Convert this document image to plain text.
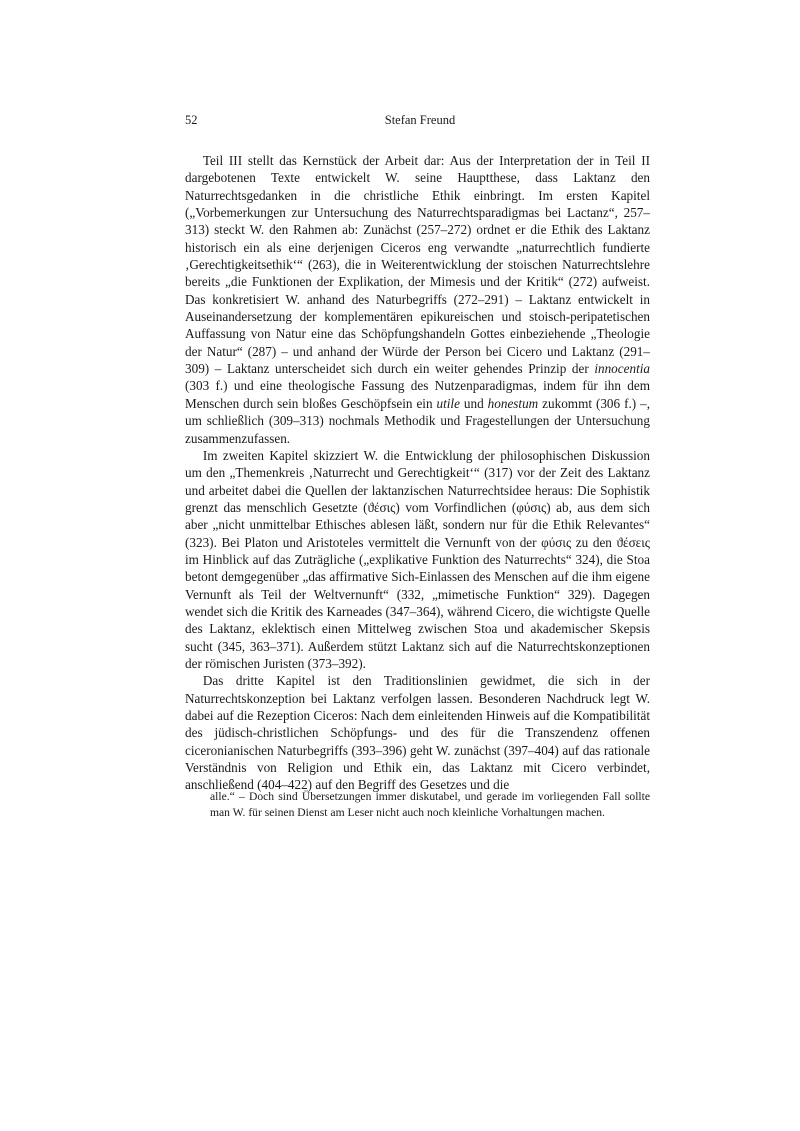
52	Stefan Freund

Teil III stellt das Kernstück der Arbeit dar: Aus der Interpretation der in Teil II dargebotenen Texte entwickelt W. seine Hauptthese, dass Laktanz den Naturrechtsgedanken in die christliche Ethik einbringt. Im ersten Kapitel („Vorbemerkungen zur Untersuchung des Naturrechtsparadigmas bei Lactanz“, 257–313) steckt W. den Rahmen ab: Zunächst (257–272) ordnet er die Ethik des Laktanz historisch ein als eine derjenigen Ciceros eng verwandte „naturrechtlich fundierte ‚Gerechtigkeitsethik‘“ (263), die in Weiterentwicklung der stoischen Naturrechtslehre bereits „die Funktionen der Explikation, der Mimesis und der Kritik“ (272) aufweist. Das konkretisiert W. anhand des Naturbegriffs (272–291) – Laktanz entwickelt in Auseinandersetzung der komplementären epikureischen und stoisch-peripatetischen Auffassung von Natur eine das Schöpfungshandeln Gottes einbeziehende „Theologie der Natur“ (287) – und anhand der Würde der Person bei Cicero und Laktanz (291–309) – Laktanz unterscheidet sich durch ein weiter gehendes Prinzip der innocentia (303 f.) und eine theologische Fassung des Nutzenparadigmas, indem für ihn dem Menschen durch sein bloßes Geschöpfsein ein utile und honestum zukommt (306 f.) –, um schließlich (309–313) nochmals Methodik und Fragestellungen der Untersuchung zusammenzufassen.

Im zweiten Kapitel skizziert W. die Entwicklung der philosophischen Diskussion um den „Themenkreis ‚Naturrecht und Gerechtigkeit‘“ (317) vor der Zeit des Laktanz und arbeitet dabei die Quellen der laktanzischen Naturrechtsidee heraus: Die Sophistik grenzt das menschlich Gesetzte (ϑέσις) vom Vorfindlichen (φύσις) ab, aus dem sich aber „nicht unmittelbar Ethisches ablesen läßt, sondern nur für die Ethik Relevantes“ (323). Bei Platon und Aristoteles vermittelt die Vernunft von der φύσις zu den ϑέσεις im Hinblick auf das Zuträgliche („explikative Funktion des Naturrechts“ 324), die Stoa betont demgegenüber „das affirmative Sich-Einlassen des Menschen auf die ihm eigene Vernunft als Teil der Weltvernunft“ (332, „mimetische Funktion“ 329). Dagegen wendet sich die Kritik des Karneades (347–364), während Cicero, die wichtigste Quelle des Laktanz, eklektisch einen Mittelweg zwischen Stoa und akademischer Skepsis sucht (345, 363–371). Außerdem stützt Laktanz sich auf die Naturrechtskonzeptionen der römischen Juristen (373–392).

Das dritte Kapitel ist den Traditionslinien gewidmet, die sich in der Naturrechtskonzeption bei Laktanz verfolgen lassen. Besonderen Nachdruck legt W. dabei auf die Rezeption Ciceros: Nach dem einleitenden Hinweis auf die Kompatibilität des jüdisch-christlichen Schöpfungs- und des für die Transzendenz offenen ciceronianischen Naturbegriffs (393–396) geht W. zunächst (397–404) auf das rationale Verständnis von Religion und Ethik ein, das Laktanz mit Cicero verbindet, anschließend (404–422) auf den Begriff des Gesetzes und die

alle.“ – Doch sind Übersetzungen immer diskutabel, und gerade im vorliegenden Fall sollte man W. für seinen Dienst am Leser nicht auch noch kleinliche Vorhaltungen machen.
